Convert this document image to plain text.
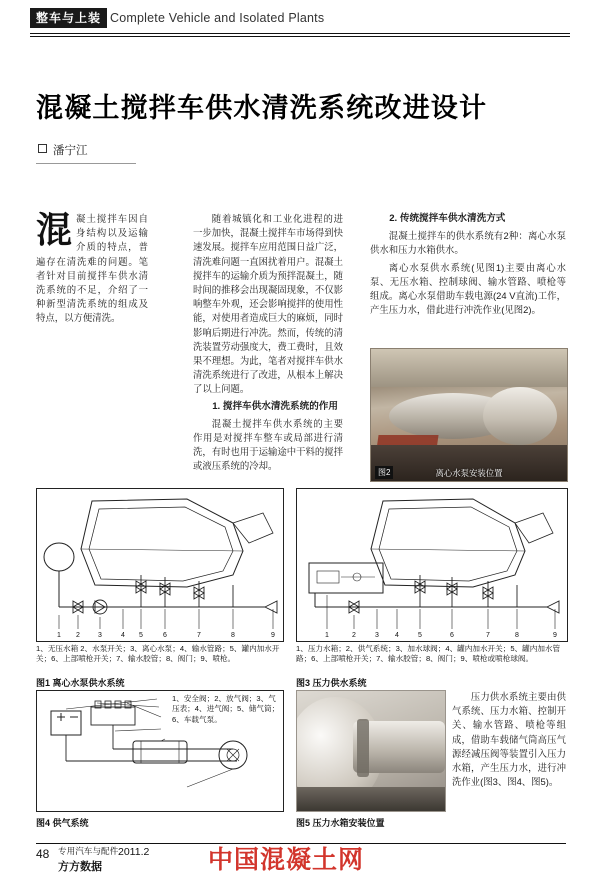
整车与上装 Complete Vehicle and Isolated Plants
混凝土搅拌车供水清洗系统改进设计
潘宁江
混 凝土搅拌车因自身结构以及运输介质的特点，普遍存在清洗难的问题。笔者针对目前搅拌车供水清洗系统的不足，介绍了一种新型清洗系统的组成及特点，以方便清洗。

随着城镇化和工业化进程的进一步加快，混凝土搅拌车市场得到快速发展。搅拌车应用范围日益广泛，清洗难问题一直困扰着用户。混凝土搅拌车的运输介质为预拌混凝土，随时间的推移会出现凝固现象，不仅影响整车外观，还会影响搅拌的使用性能，对使用者造成巨大的麻烦，同时影响后期进行冲洗。然而，传统的清洗装置劳动强度大，费工费时，且效果不理想。为此，笔者对搅拌车供水清洗系统进行了改进，从根本上解决了以上问题。

1. 搅拌车供水清洗系统的作用

混凝土搅拌车供水系统的主要作用是对搅拌车整车或局部进行清洗，有时也用于运输途中干料的搅拌或液压系统的冷却。

2. 传统搅拌车供水清洗方式

混凝土搅拌车的供水系统有2种：离心水泵供水和压力水箱供水。

离心水泵供水系统(见图1)主要由离心水泵、无压水箱、控制球阀、输水管路、喷枪等组成。离心水泵借助车载电源(24 V直流)工作，产生压力水，借此进行冲洗作业(见图2)。

图2	离心水泵安装位置
1 2	3	4 5	6	7	8	9
1、无压水箱 2、水泵开关；3、离心水泵；4、输水管路；5、罐内加水开关；6、上部喷枪开关；7、输水胶管；8、阀门；9、喷枪。
图1 离心水泵供水系统
1	2	3 4	5	6	7	8	9
1、压力水箱；2、供气系统；3、加水球阀；4、罐内加水开关；5、罐内加水管路；6、上部喷枪开关；7、输水胶管；8、阀门；9、喷枪或喷枪球阀。
图3 压力供水系统
1、安全阀；2、放气阀；3、气压表；4、进气阀；5、储气筒；6、车载气泵。
图4 供气系统	图5 压力水箱安装位置

压力供水系统主要由供气系统、压力水箱、控制开关、输水管路、喷枪等组成，借助车载储气筒高压气源经减压阀等装置引入压力水箱，产生压力水，进行冲洗作业(图3、图4、图5)。

48 专用汽车与配件 2011.2
方方数据	中国混凝土网
